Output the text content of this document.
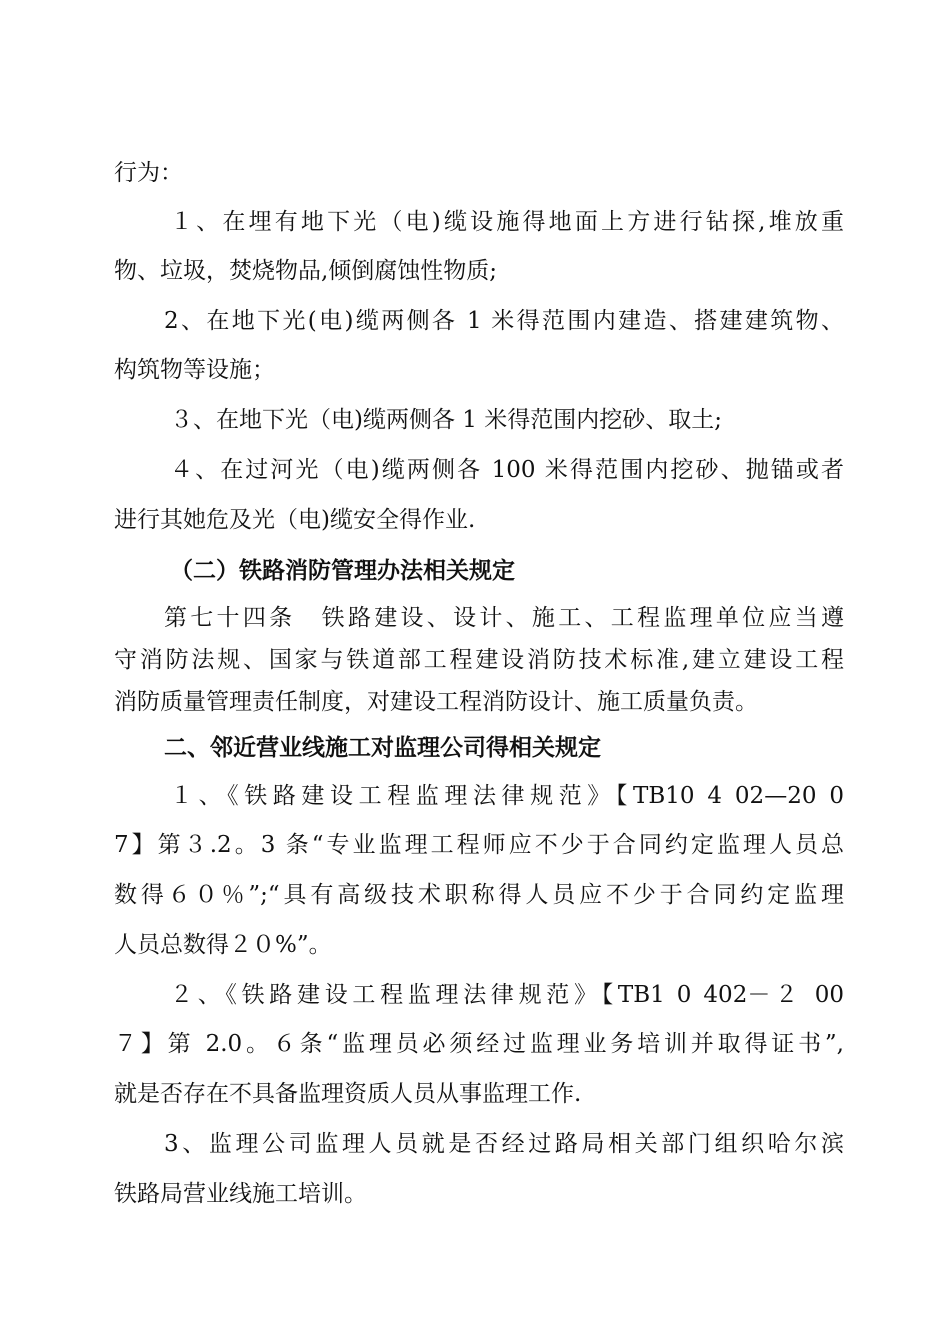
行为：
１、在埋有地下光（电)缆设施得地面上方进行钻探,堆放重
物、垃圾，焚烧物品,倾倒腐蚀性物质;
2、在地下光(电)缆两侧各 1 米得范围内建造、搭建建筑物、
构筑物等设施；
３、在地下光（电)缆两侧各 1 米得范围内挖砂、取土;
４、在过河光（电)缆两侧各 100 米得范围内挖砂、抛锚或者
进行其她危及光（电)缆安全得作业.
（二）铁路消防管理办法相关规定
第七十四条　铁路建设、设计、施工、工程监理单位应当遵
守消防法规、国家与铁道部工程建设消防技术标准,建立建设工程
消防质量管理责任制度，对建设工程消防设计、施工质量负责。
二、邻近营业线施工对监理公司得相关规定
１、《铁路建设工程监理法律规范》【TB10 4 02—20 0
7】第３.2。3 条“专业监理工程师应不少于合同约定监理人员总
数得６０％”;“具有高级技术职称得人员应不少于合同约定监理
人员总数得２０%”。
２、《铁路建设工程监理法律规范》【TB1 0 402－２ 00
７】第 2.0。６条“监理员必须经过监理业务培训并取得证书”,
就是否存在不具备监理资质人员从事监理工作.
3、监理公司监理人员就是否经过路局相关部门组织哈尔滨
铁路局营业线施工培训。
